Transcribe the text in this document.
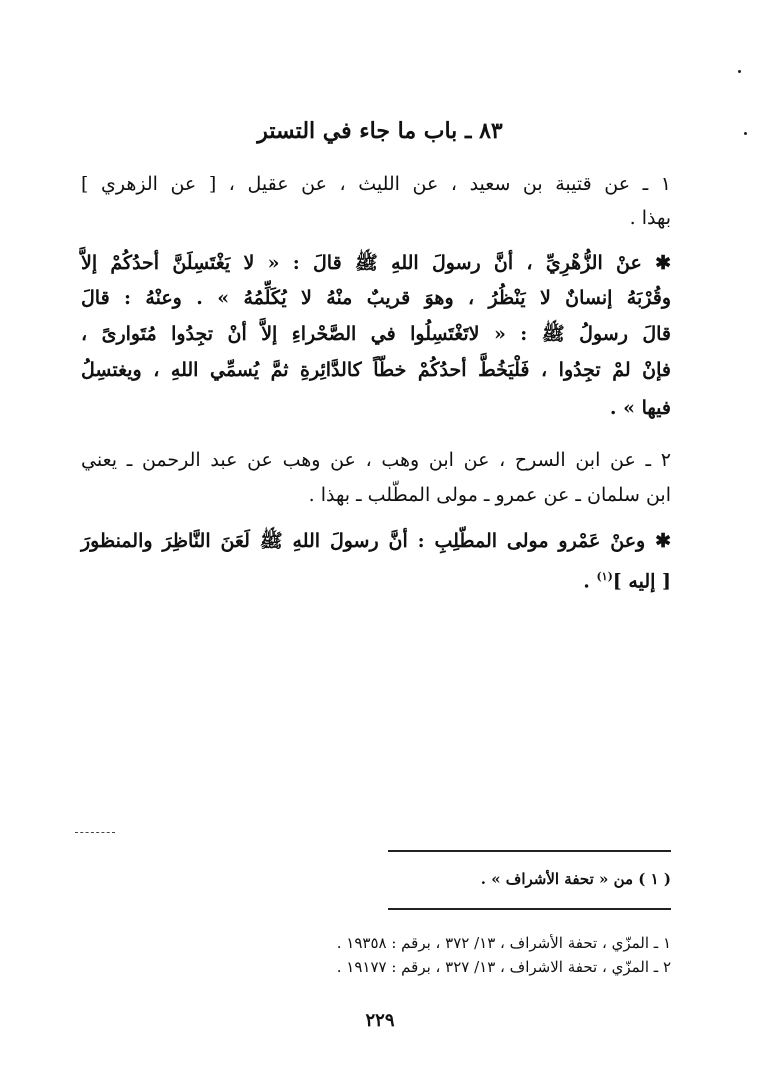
٨٣ ـ باب ما جاء في التستر
١ ـ عن قتيبة بن سعيد ، عن الليث ، عن عقيل ، [ عن الزهري ]
بهذا .
✱ عنْ الزُّهْرِيِّ ، أنَّ رسولَ اللهِ ﷺ قالَ : « لا يَغْتَسِلَنَّ أحدُكُمْ إلاَّ
وقُرْبَهُ إنسانٌ لا يَنْظُرُ ، وهوَ قريبٌ منْهُ لا يُكَلِّمُهُ » . وعنْهُ : قالَ
قالَ رسولُ ﷺ : « لاتَغْتَسِلُوا في الصَّحْراءِ إلاَّ أنْ تجِدُوا مُتَوارىً ،
فإنْ لمْ تجِدُوا ، فَلْيَخُطَّ أحدُكُمْ خطّاً كالدَّائِرةِ ثمَّ يُسمِّي اللهِ ، ويغتسِلُ
فيها » .
٢ ـ عن ابن السرح ، عن ابن وهب ، عن وهب عن عبد الرحمن ـ يعني
ابن سلمان ـ عن عمرو ـ مولى المطّلب ـ بهذا .
✱ وعنْ عَمْرو مولى المطّلِبِ : أنَّ رسولَ اللهِ ﷺ لَعَنَ النَّاظِرَ والمنظورَ
[ إليه ]$^{(١)}$ .
( ١ ) من « تحفة الأشراف » .
١ ـ المزّي ، تحفة الأشراف ، ١٣/ ٣٧٢ ، برقم : ١٩٣٥٨ .
٢ ـ المزّي ، تحفة الاشراف ، ١٣/ ٣٢٧ ، برقم : ١٩١٧٧ .
٢٢٩
